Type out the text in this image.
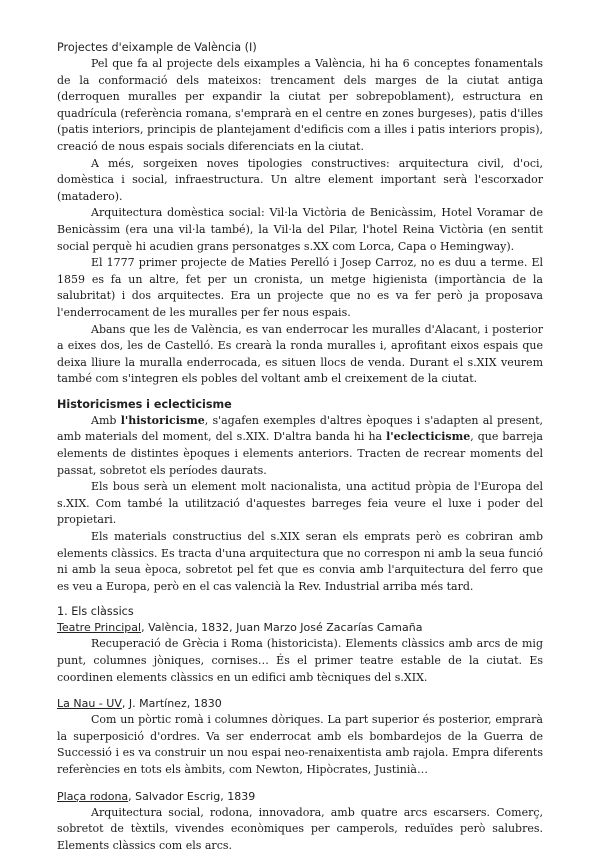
Projectes d'eixample de València (I)
Pel que fa al projecte dels eixamples a València, hi ha 6 conceptes fonamentals de la conformació dels mateixos: trencament dels marges de la ciutat antiga (derroquen muralles per expandir la ciutat per sobrepoblament), estructura en quadrícula (referència romana, s'emprarà en el centre en zones burgeses), patis d'illes (patis interiors, principis de plantejament d'edificis com a illes i patis interiors propis), creació de nous espais socials diferenciats en la ciutat.
A més, sorgeixen noves tipologies constructives: arquitectura civil, d'oci, domèstica i social, infraestructura. Un altre element important serà l'escorxador (matadero).
Arquitectura domèstica social: Vil·la Victòria de Benicàssim, Hotel Voramar de Benicàssim (era una vil·la també), la Vil·la del Pilar, l'hotel Reina Victòria (en sentit social perquè hi acudien grans personatges s.XX com Lorca, Capa o Hemingway).
El 1777 primer projecte de Maties Perelló i Josep Carroz, no es duu a terme. El 1859 es fa un altre, fet per un cronista, un metge higienista (importància de la salubritat) i dos arquitectes. Era un projecte que no es va fer però ja proposava l'enderrocament de les muralles per fer nous espais.
Abans que les de València, es van enderrocar les muralles d'Alacant, i posterior a eixes dos, les de Castelló. Es crearà la ronda muralles i, aprofitant eixos espais que deixa lliure la muralla enderrocada, es situen llocs de venda. Durant el s.XIX veurem també com s'integren els pobles del voltant amb el creixement de la ciutat.
Historicismes i eclecticisme
Amb l'historicisme, s'agafen exemples d'altres èpoques i s'adapten al present, amb materials del moment, del s.XIX. D'altra banda hi ha l'eclecticisme, que barreja elements de distintes èpoques i elements anteriors. Tracten de recrear moments del passat, sobretot els períodes daurats.
Els bous serà un element molt nacionalista, una actitud pròpia de l'Europa del s.XIX. Com també la utilització d'aquestes barreges feia veure el luxe i poder del propietari.
Els materials constructius del s.XIX seran els emprats però es cobriran amb elements clàssics. Es tracta d'una arquitectura que no correspon ni amb la seua funció ni amb la seua època, sobretot pel fet que es convia amb l'arquitectura del ferro que es veu a Europa, però en el cas valencià la Rev. Industrial arriba més tard.
1. Els clàssics
Teatre Principal, València, 1832, Juan Marzo José Zacarías Camaña
Recuperació de Grècia i Roma (historicista). Elements clàssics amb arcs de mig punt, columnes jòniques, cornises… És el primer teatre estable de la ciutat. Es coordinen elements clàssics en un edifici amb tècniques del s.XIX.
La Nau - UV, J. Martínez, 1830
Com un pòrtic romà i columnes dòriques. La part superior és posterior, emprarà la superposició d'ordres. Va ser enderrocat amb els bombardejos de la Guerra de Successió i es va construir un nou espai neo-renaixentista amb rajola. Empra diferents referències en tots els àmbits, com Newton, Hipòcrates, Justinià…
Plaça rodona, Salvador Escrig, 1839
Arquitectura social, rodona, innovadora, amb quatre arcs escarsers. Comerç, sobretot de tèxtils, vivendes econòmiques per camperols, reduïdes però salubres. Elements clàssics com els arcs.
